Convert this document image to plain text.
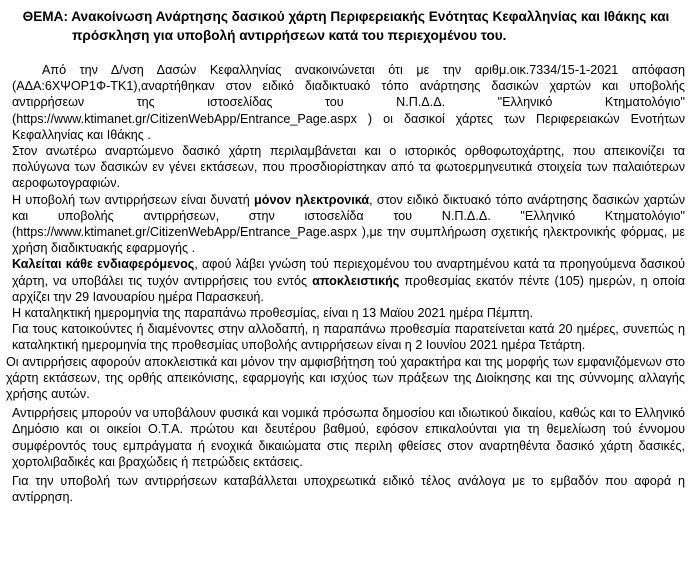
ΘΕΜΑ: Ανακοίνωση Ανάρτησης δασικού χάρτη Περιφερειακής Ενότητας Κεφαλληνίας και Ιθάκης και
πρόσκληση για υποβολή αντιρρήσεων κατά του περιεχομένου του.

Από την Δ/νση Δασών Κεφαλληνίας ανακοινώνεται ότι με την αριθμ.οικ.7334/15-1-2021 απόφαση (ΑΔΑ:6ΧΨΟΡ1Φ-ΤΚ1),αναρτήθηκαν στον ειδικό διαδικτυακό τόπο ανάρτησης δασικών χαρτών και υποβολής αντιρρήσεων της ιστοσελίδας του Ν.Π.Δ.Δ. "Ελληνικό Κτηματολόγιο" (https://www.ktimanet.gr/CitizenWebApp/Entrance_Page.aspx ) οι δασικοί χάρτες των Περιφερειακών Ενοτήτων Κεφαλληνίας και Ιθάκης .

Στον ανωτέρω αναρτώμενο δασικό χάρτη περιλαμβάνεται και ο ιστορικός ορθοφωτοχάρτης, που απεικονίζει τα πολύγωνα των δασικών εν γένει εκτάσεων, που προσδιορίστηκαν από τα φωτοερμηνευτικά στοιχεία των παλαιότερων αεροφωτογραφιών.

Η υποβολή των αντιρρήσεων είναι δυνατή μόνον ηλεκτρονικά, στον ειδικό δικτυακό τόπο ανάρτησης δασικών χαρτών και υποβολής αντιρρήσεων, στην ιστοσελίδα του Ν.Π.Δ.Δ. "Ελληνικό Κτηματολόγιο" (https://www.ktimanet.gr/CitizenWebApp/Entrance_Page.aspx ),με την συμπλήρωση σχετικής ηλεκτρονικής φόρμας, με χρήση διαδικτυακής εφαρμογής .

Καλείται κάθε ενδιαφερόμενος, αφού λάβει γνώση τού περιεχομένου του αναρτημένου κατά τα προηγούμενα δασικού χάρτη, να υποβάλει τις τυχόν αντιρρήσεις του εντός αποκλειστικής προθεσμίας εκατόν πέντε (105) ημερών, η οποία αρχίζει την 29 Ιανουαρίου ημέρα Παρασκευή.

Η καταληκτική ημερομηνία της παραπάνω προθεσμίας, είναι η 13 Μαϊου 2021 ημέρα Πέμπτη.

Για τους κατοικούντες ή διαμένοντες στην αλλοδαπή, η παραπάνω προθεσμία παρατείνεται κατά 20 ημέρες, συνεπώς η καταληκτική ημερομηνία της προθεσμίας υποβολής αντιρρήσεων είναι η 2 Ιουνίου 2021 ημέρα Τετάρτη.

Οι αντιρρήσεις αφορούν αποκλειστικά και μόνον την αμφισβήτηση τού χαρακτήρα και της μορφής των εμφανιζόμενων στο χάρτη εκτάσεων, της ορθής απεικόνισης, εφαρμογής και ισχύος των πράξεων της Διοίκησης και της σύννομης αλλαγής χρήσης αυτών.

Αντιρρήσεις μπορούν να υποβάλουν φυσικά και νομικά πρόσωπα δημοσίου και ιδιωτικού δικαίου, καθώς και το Ελληνικό Δημόσιο και οι οικείοι Ο.Τ.Α. πρώτου και δευτέρου βαθμού, εφόσον επικαλούνται για τη θεμελίωση τού έννομου συμφέροντός τους εμπράγματα ή ενοχικά δικαιώματα στις περιλη φθείσες στον αναρτηθέντα δασικό χάρτη δασικές, χορτολιβαδικές και βραχώδεις ή πετρώδεις εκτάσεις.

Για την υποβολή των αντιρρήσεων καταβάλλεται υποχρεωτικά ειδικό τέλος ανάλογα με το εμβαδόν που αφορά η αντίρρηση.
